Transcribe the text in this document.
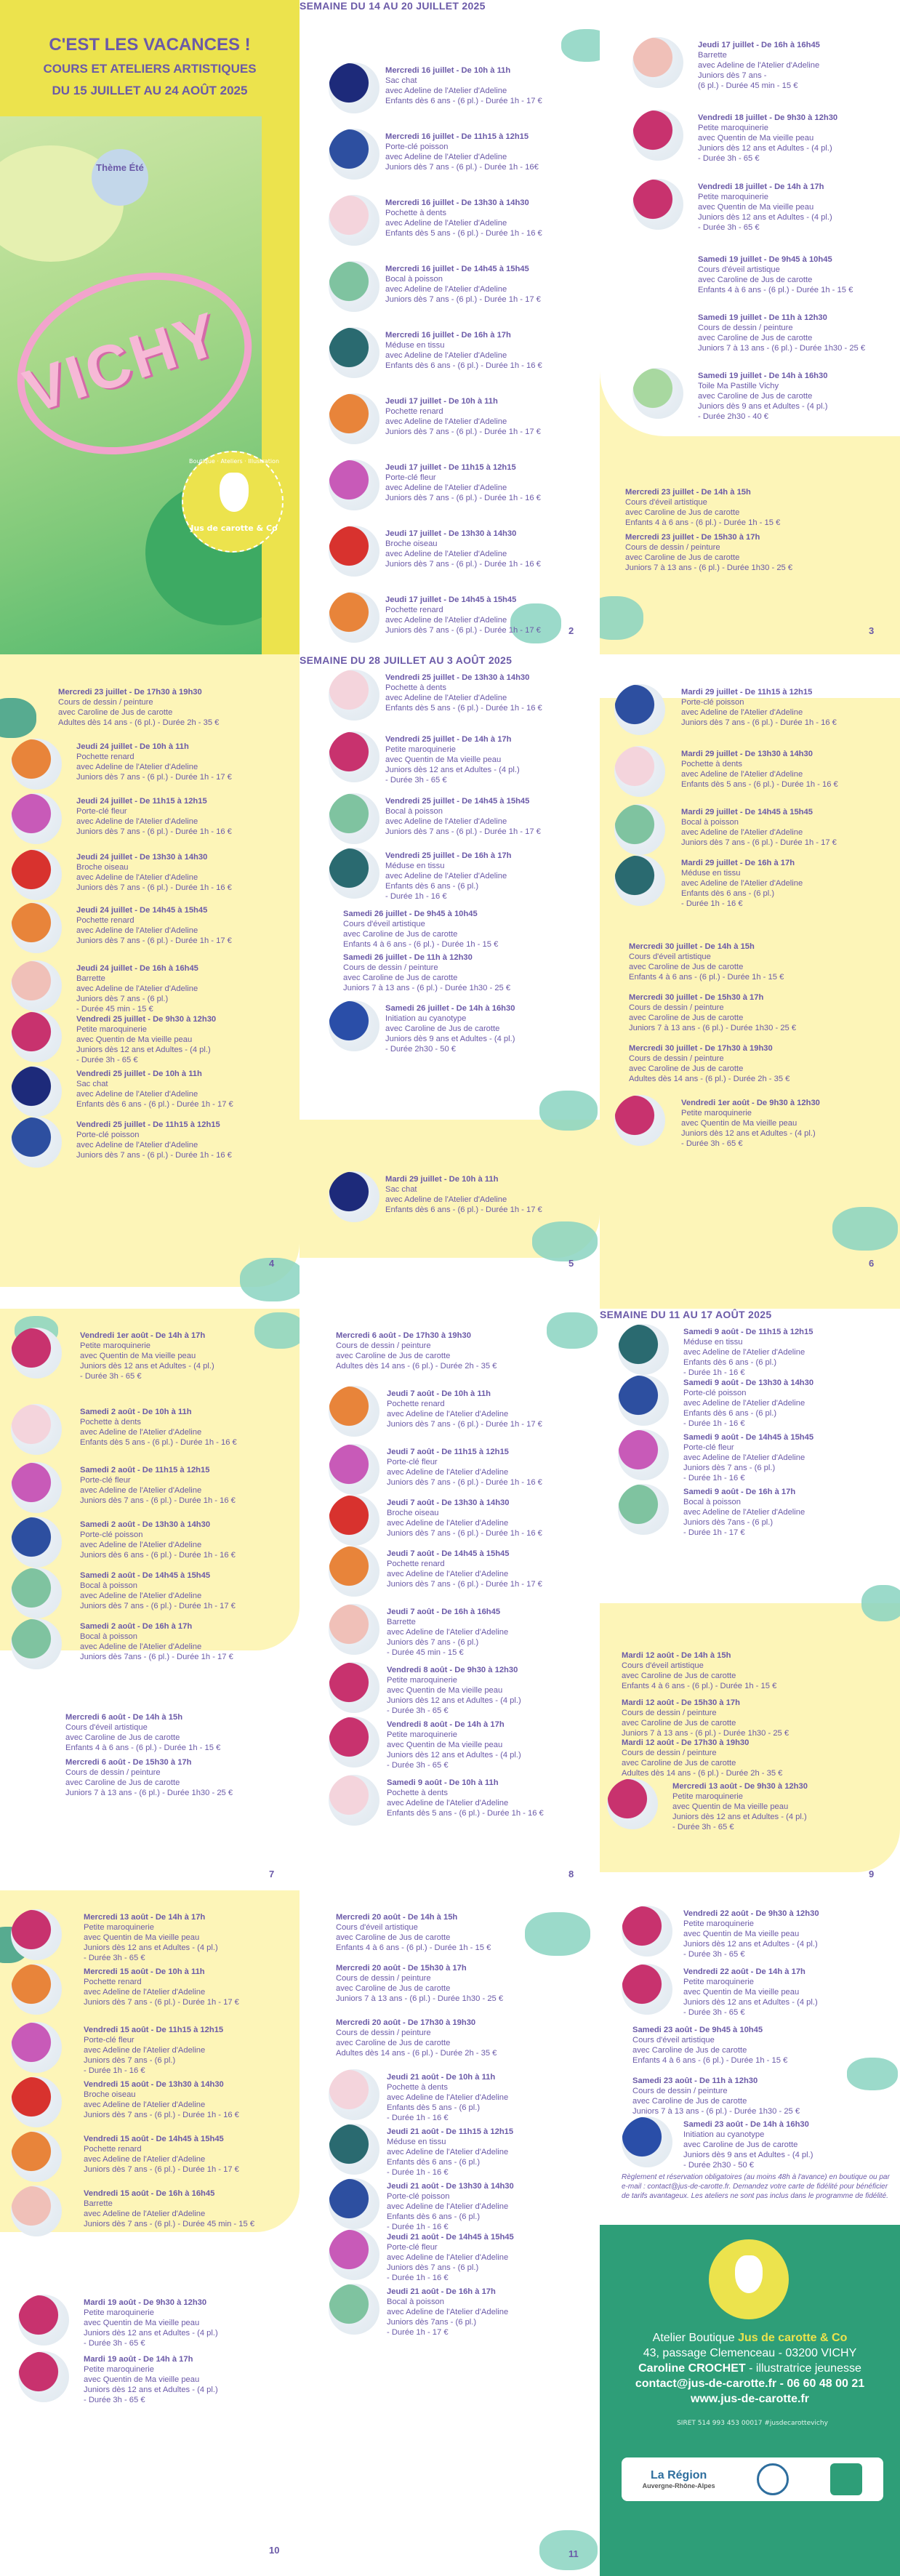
C'EST LES VACANCES !
COURS ET ATELIERS ARTISTIQUES
DU 15 JUILLET AU 24 AOÛT 2025
VICHY
Thème Été
Boutique · Ateliers · Illustration
Jus de carotte & Co
SEMAINE DU 14 AU 20 JUILLET 2025
Mercredi 16 juillet - De 10h à 11h
Sac chat
avec Adeline de l'Atelier d'Adeline
Enfants dès 6 ans - (6 pl.) - Durée 1h - 17 €
Mercredi 16 juillet - De 11h15 à 12h15
Porte-clé poisson
avec Adeline de l'Atelier d'Adeline
Juniors dès 7 ans - (6 pl.) - Durée 1h - 16€
Mercredi 16 juillet - De 13h30 à 14h30
Pochette à dents
avec Adeline de l'Atelier d'Adeline
Enfants dès 5 ans - (6 pl.) - Durée 1h - 16 €
Mercredi 16 juillet - De 14h45 à 15h45
Bocal à poisson
avec Adeline de l'Atelier d'Adeline
Juniors dès 7 ans - (6 pl.) - Durée 1h - 17 €
Mercredi 16 juillet - De 16h à 17h
Méduse en tissu
avec Adeline de l'Atelier d'Adeline
Enfants dès 6 ans - (6 pl.) - Durée 1h - 16 €
Jeudi 17 juillet - De 10h à 11h
Pochette renard
avec Adeline de l'Atelier d'Adeline
Juniors dès 7 ans - (6 pl.) - Durée 1h - 17 €
Jeudi 17 juillet - De 11h15 à 12h15
Porte-clé fleur
avec Adeline de l'Atelier d'Adeline
Juniors dès 7 ans - (6 pl.) - Durée 1h - 16 €
Jeudi 17 juillet - De 13h30 à 14h30
Broche oiseau
avec Adeline de l'Atelier d'Adeline
Juniors dès 7 ans - (6 pl.) - Durée 1h - 16 €
Jeudi 17 juillet - De 14h45 à 15h45
Pochette renard
avec Adeline de l'Atelier d'Adeline
Juniors dès 7 ans - (6 pl.) - Durée 1h - 17 €	2
Jeudi 17 juillet - De 16h à 16h45
Barrette
avec Adeline de l'Atelier d'Adeline
Juniors dès 7 ans -
(6 pl.) - Durée 45 min - 15 €
Vendredi 18 juillet - De 9h30 à 12h30
Petite maroquinerie
avec Quentin de Ma vieille peau
Juniors dès 12 ans et Adultes - (4 pl.)
- Durée 3h - 65 €
Vendredi 18 juillet - De 14h à 17h
Petite maroquinerie
avec Quentin de Ma vieille peau
Juniors dès 12 ans et Adultes - (4 pl.)
- Durée 3h - 65 €
Samedi 19 juillet - De 9h45 à 10h45
Cours d'éveil artistique
avec Caroline de Jus de carotte
Enfants 4 à 6 ans - (6 pl.) - Durée 1h - 15 €
Samedi 19 juillet - De 11h à 12h30
Cours de dessin / peinture
avec Caroline de Jus de carotte
Juniors 7 à 13 ans - (6 pl.) - Durée 1h30 - 25 €
Samedi 19 juillet - De 14h à 16h30
Toile Ma Pastille Vichy
avec Caroline de Jus de carotte
Juniors dès 9 ans et Adultes - (4 pl.)
- Durée 2h30 - 40 €
Mercredi 23 juillet - De 14h à 15h
Cours d'éveil artistique
avec Caroline de Jus de carotte
Enfants 4 à 6 ans - (6 pl.) - Durée 1h - 15 €
Mercredi 23 juillet - De 15h30 à 17h
Cours de dessin / peinture
avec Caroline de Jus de carotte
Juniors 7 à 13 ans - (6 pl.) - Durée 1h30 - 25 €
3
Mercredi 23 juillet - De 17h30 à 19h30
Cours de dessin / peinture
avec Caroline de Jus de carotte
Adultes dès 14 ans - (6 pl.) - Durée 2h - 35 €
Jeudi 24 juillet - De 10h à 11h
Pochette renard
avec Adeline de l'Atelier d'Adeline
Juniors dès 7 ans - (6 pl.) - Durée 1h - 17 €
Jeudi 24 juillet - De 11h15 à 12h15
Porte-clé fleur
avec Adeline de l'Atelier d'Adeline
Juniors dès 7 ans - (6 pl.) - Durée 1h - 16 €
Jeudi 24 juillet - De 13h30 à 14h30
Broche oiseau
avec Adeline de l'Atelier d'Adeline
Juniors dès 7 ans - (6 pl.) - Durée 1h - 16 €
Jeudi 24 juillet - De 14h45 à 15h45
Pochette renard
avec Adeline de l'Atelier d'Adeline
Juniors dès 7 ans - (6 pl.) - Durée 1h - 17 €
Jeudi 24 juillet - De 16h à 16h45
Barrette
avec Adeline de l'Atelier d'Adeline
Juniors dès 7 ans - (6 pl.)
- Durée 45 min - 15 €
Vendredi 25 juillet - De 9h30 à 12h30
Petite maroquinerie
avec Quentin de Ma vieille peau
Juniors dès 12 ans et Adultes - (4 pl.)
- Durée 3h - 65 €
Vendredi 25 juillet - De 10h à 11h
Sac chat
avec Adeline de l'Atelier d'Adeline
Enfants dès 6 ans - (6 pl.) - Durée 1h - 17 €
Vendredi 25 juillet - De 11h15 à 12h15
Porte-clé poisson
avec Adeline de l'Atelier d'Adeline
Juniors dès 7 ans - (6 pl.) - Durée 1h - 16 €
4
Vendredi 25 juillet - De 13h30 à 14h30
Pochette à dents
avec Adeline de l'Atelier d'Adeline
Enfants dès 5 ans - (6 pl.) - Durée 1h - 16 €
Vendredi 25 juillet - De 14h à 17h
Petite maroquinerie
avec Quentin de Ma vieille peau
Juniors dès 12 ans et Adultes - (4 pl.)
- Durée 3h - 65 €
Vendredi 25 juillet - De 14h45 à 15h45
Bocal à poisson
avec Adeline de l'Atelier d'Adeline
Juniors dès 7 ans - (6 pl.) - Durée 1h - 17 €
Vendredi 25 juillet - De 16h à 17h
Méduse en tissu
avec Adeline de l'Atelier d'Adeline
Enfants dès 6 ans - (6 pl.)
- Durée 1h - 16 €
Samedi 26 juillet - De 9h45 à 10h45
Cours d'éveil artistique
avec Caroline de Jus de carotte
Enfants 4 à 6 ans - (6 pl.) - Durée 1h - 15 €
Samedi 26 juillet - De 11h à 12h30
Cours de dessin / peinture
avec Caroline de Jus de carotte
Juniors 7 à 13 ans - (6 pl.) - Durée 1h30 - 25 €
Samedi 26 juillet - De 14h à 16h30
Initiation au cyanotype
avec Caroline de Jus de carotte
Juniors dès 9 ans et Adultes - (4 pl.)
- Durée 2h30 - 50 €
SEMAINE DU 28 JUILLET AU 3 AOÛT 2025
Mardi 29 juillet - De 10h à 11h
Sac chat
avec Adeline de l'Atelier d'Adeline
Enfants dès 6 ans - (6 pl.) - Durée 1h - 17 €
5
Mardi 29 juillet - De 11h15 à 12h15
Porte-clé poisson
avec Adeline de l'Atelier d'Adeline
Juniors dès 7 ans - (6 pl.) - Durée 1h - 16 €
Mardi 29 juillet - De 13h30 à 14h30
Pochette à dents
avec Adeline de l'Atelier d'Adeline
Enfants dès 5 ans - (6 pl.) - Durée 1h - 16 €
Mardi 29 juillet - De 14h45 à 15h45
Bocal à poisson
avec Adeline de l'Atelier d'Adeline
Juniors dès 7 ans - (6 pl.) - Durée 1h - 17 €
Mardi 29 juillet - De 16h à 17h
Méduse en tissu
avec Adeline de l'Atelier d'Adeline
Enfants dès 6 ans - (6 pl.)
- Durée 1h - 16 €
Mercredi 30 juillet - De 14h à 15h
Cours d'éveil artistique
avec Caroline de Jus de carotte
Enfants 4 à 6 ans - (6 pl.) - Durée 1h - 15 €
Mercredi 30 juillet - De 15h30 à 17h
Cours de dessin / peinture
avec Caroline de Jus de carotte
Juniors 7 à 13 ans - (6 pl.) - Durée 1h30 - 25 €
Mercredi 30 juillet - De 17h30 à 19h30
Cours de dessin / peinture
avec Caroline de Jus de carotte
Adultes dès 14 ans - (6 pl.) - Durée 2h - 35 €
Vendredi 1er août - De 9h30 à 12h30
Petite maroquinerie
avec Quentin de Ma vieille peau
Juniors dès 12 ans et Adultes - (4 pl.)
- Durée 3h - 65 €
6
Vendredi 1er août - De 14h à 17h
Petite maroquinerie
avec Quentin de Ma vieille peau
Juniors dès 12 ans et Adultes - (4 pl.)
- Durée 3h - 65 €
Samedi 2 août - De 10h à 11h
Pochette à dents
avec Adeline de l'Atelier d'Adeline
Enfants dès 5 ans - (6 pl.) - Durée 1h - 16 €
Samedi 2 août - De 11h15 à 12h15
Porte-clé fleur
avec Adeline de l'Atelier d'Adeline
Juniors dès 7 ans - (6 pl.) - Durée 1h - 16 €
Samedi 2 août - De 13h30 à 14h30
Porte-clé poisson
avec Adeline de l'Atelier d'Adeline
Juniors dès 6 ans - (6 pl.) - Durée 1h - 16 €
Samedi 2 août - De 14h45 à 15h45
Bocal à poisson
avec Adeline de l'Atelier d'Adeline
Juniors dès 7 ans - (6 pl.) - Durée 1h - 17 €
Samedi 2 août - De 16h à 17h
Bocal à poisson
avec Adeline de l'Atelier d'Adeline
Juniors dès 7ans - (6 pl.) - Durée 1h - 17 €
Mercredi 6 août - De 14h à 15h
Cours d'éveil artistique
avec Caroline de Jus de carotte
Enfants 4 à 6 ans - (6 pl.) - Durée 1h - 15 €
Mercredi 6 août - De 15h30 à 17h
Cours de dessin / peinture
avec Caroline de Jus de carotte
Juniors 7 à 13 ans - (6 pl.) - Durée 1h30 - 25 €
7
Mercredi 6 août - De 17h30 à 19h30
Cours de dessin / peinture
avec Caroline de Jus de carotte
Adultes dès 14 ans - (6 pl.) - Durée 2h - 35 €
Jeudi 7 août - De 10h à 11h
Pochette renard
avec Adeline de l'Atelier d'Adeline
Juniors dès 7 ans - (6 pl.) - Durée 1h - 17 €
Jeudi 7 août - De 11h15 à 12h15
Porte-clé fleur
avec Adeline de l'Atelier d'Adeline
Juniors dès 7 ans - (6 pl.) - Durée 1h - 16 €
Jeudi 7 août - De 13h30 à 14h30
Broche oiseau
avec Adeline de l'Atelier d'Adeline
Juniors dès 7 ans - (6 pl.) - Durée 1h - 16 €
Jeudi 7 août - De 14h45 à 15h45
Pochette renard
avec Adeline de l'Atelier d'Adeline
Juniors dès 7 ans - (6 pl.) - Durée 1h - 17 €
Jeudi 7 août - De 16h à 16h45
Barrette
avec Adeline de l'Atelier d'Adeline
Juniors dès 7 ans - (6 pl.)
- Durée 45 min - 15 €
Vendredi 8 août - De 9h30 à 12h30
Petite maroquinerie
avec Quentin de Ma vieille peau
Juniors dès 12 ans et Adultes - (4 pl.)
- Durée 3h - 65 €
Vendredi 8 août - De 14h à 17h
Petite maroquinerie
avec Quentin de Ma vieille peau
Juniors dès 12 ans et Adultes - (4 pl.)
- Durée 3h - 65 €
Samedi 9 août - De 10h à 11h
Pochette à dents
avec Adeline de l'Atelier d'Adeline
Enfants dès 5 ans - (6 pl.) - Durée 1h - 16 €
8
Samedi 9 août - De 11h15 à 12h15
Méduse en tissu
avec Adeline de l'Atelier d'Adeline
Enfants dès 6 ans - (6 pl.)
- Durée 1h - 16 €
Samedi 9 août - De 13h30 à 14h30
Porte-clé poisson
avec Adeline de l'Atelier d'Adeline
Enfants dès 6 ans - (6 pl.)
- Durée 1h - 16 €
Samedi 9 août - De 14h45 à 15h45
Porte-clé fleur
avec Adeline de l'Atelier d'Adeline
Juniors dès 7 ans - (6 pl.)
- Durée 1h - 16 €
Samedi 9 août - De 16h à 17h
Bocal à poisson
avec Adeline de l'Atelier d'Adeline
Juniors dès 7ans - (6 pl.)
- Durée 1h - 17 €
SEMAINE DU 11 AU 17 AOÛT 2025
Mardi 12 août - De 14h à 15h
Cours d'éveil artistique
avec Caroline de Jus de carotte
Enfants 4 à 6 ans - (6 pl.) - Durée 1h - 15 €
Mardi 12 août - De 15h30 à 17h
Cours de dessin / peinture
avec Caroline de Jus de carotte
Juniors 7 à 13 ans - (6 pl.) - Durée 1h30 - 25 €
Mardi 12 août - De 17h30 à 19h30
Cours de dessin / peinture
avec Caroline de Jus de carotte
Adultes dès 14 ans - (6 pl.) - Durée 2h - 35 €
Mercredi 13 août - De 9h30 à 12h30
Petite maroquinerie
avec Quentin de Ma vieille peau
Juniors dès 12 ans et Adultes - (4 pl.)
- Durée 3h - 65 €
9
Mercredi 13 août - De 14h à 17h
Petite maroquinerie
avec Quentin de Ma vieille peau
Juniors dès 12 ans et Adultes - (4 pl.)
- Durée 3h - 65 €
Mercredi 15 août - De 10h à 11h
Pochette renard
avec Adeline de l'Atelier d'Adeline
Juniors dès 7 ans - (6 pl.) - Durée 1h - 17 €
Vendredi 15 août - De 11h15 à 12h15
Porte-clé fleur
avec Adeline de l'Atelier d'Adeline
Juniors dès 7 ans - (6 pl.)
- Durée 1h - 16 €
Vendredi 15 août - De 13h30 à 14h30
Broche oiseau
avec Adeline de l'Atelier d'Adeline
Juniors dès 7 ans - (6 pl.) - Durée 1h - 16 €
Vendredi 15 août - De 14h45 à 15h45
Pochette renard
avec Adeline de l'Atelier d'Adeline
Juniors dès 7 ans - (6 pl.) - Durée 1h - 17 €
Vendredi 15 août - De 16h à 16h45
Barrette
avec Adeline de l'Atelier d'Adeline
Juniors dès 7 ans - (6 pl.) - Durée 45 min - 15 €
Mardi 19 août - De 9h30 à 12h30
Petite maroquinerie
avec Quentin de Ma vieille peau
Juniors dès 12 ans et Adultes - (4 pl.)
- Durée 3h - 65 €
Mardi 19 août - De 14h à 17h
Petite maroquinerie
avec Quentin de Ma vieille peau
Juniors dès 12 ans et Adultes - (4 pl.)
- Durée 3h - 65 €
10
Mercredi 20 août - De 14h à 15h
Cours d'éveil artistique
avec Caroline de Jus de carotte
Enfants 4 à 6 ans - (6 pl.) - Durée 1h - 15 €
Mercredi 20 août - De 15h30 à 17h
Cours de dessin / peinture
avec Caroline de Jus de carotte
Juniors 7 à 13 ans - (6 pl.) - Durée 1h30 - 25 €
Mercredi 20 août - De 17h30 à 19h30
Cours de dessin / peinture
avec Caroline de Jus de carotte
Adultes dès 14 ans - (6 pl.) - Durée 2h - 35 €
Jeudi 21 août - De 10h à 11h
Pochette à dents
avec Adeline de l'Atelier d'Adeline
Enfants dès 5 ans - (6 pl.)
- Durée 1h - 16 €
Jeudi 21 août - De 11h15 à 12h15
Méduse en tissu
avec Adeline de l'Atelier d'Adeline
Enfants dès 6 ans - (6 pl.)
- Durée 1h - 16 €
Jeudi 21 août - De 13h30 à 14h30
Porte-clé poisson
avec Adeline de l'Atelier d'Adeline
Enfants dès 6 ans - (6 pl.)
- Durée 1h - 16 €
Jeudi 21 août - De 14h45 à 15h45
Porte-clé fleur
avec Adeline de l'Atelier d'Adeline
Juniors dès 7 ans - (6 pl.)
- Durée 1h - 16 €
Jeudi 21 août - De 16h à 17h
Bocal à poisson
avec Adeline de l'Atelier d'Adeline
Juniors dès 7ans - (6 pl.)
- Durée 1h - 17 €
11
Vendredi 22 août - De 9h30 à 12h30
Petite maroquinerie
avec Quentin de Ma vieille peau
Juniors dès 12 ans et Adultes - (4 pl.)
- Durée 3h - 65 €
Vendredi 22 août - De 14h à 17h
Petite maroquinerie
avec Quentin de Ma vieille peau
Juniors dès 12 ans et Adultes - (4 pl.)
- Durée 3h - 65 €
Samedi 23 août - De 9h45 à 10h45
Cours d'éveil artistique
avec Caroline de Jus de carotte
Enfants 4 à 6 ans - (6 pl.) - Durée 1h - 15 €
Samedi 23 août - De 11h à 12h30
Cours de dessin / peinture
avec Caroline de Jus de carotte
Juniors 7 à 13 ans - (6 pl.) - Durée 1h30 - 25 €
Samedi 23 août - De 14h à 16h30
Initiation au cyanotype
avec Caroline de Jus de carotte
Juniors dès 9 ans et Adultes - (4 pl.)
- Durée 2h30 - 50 €
Règlement et réservation obligatoires (au moins 48h à l'avance) en boutique ou par e-mail : contact@jus-de-carotte.fr. Demandez votre carte de fidélité pour bénéficier de tarifs avantageux. Les ateliers ne sont pas inclus dans le programme de fidélité.
Atelier Boutique Jus de carotte & Co
43, passage Clemenceau - 03200 VICHY
Caroline CROCHET - illustratrice jeunesse
contact@jus-de-carotte.fr - 06 60 48 00 21
www.jus-de-carotte.fr
SIRET 514 993 453 00017 #jusdecarottevichy
La Région
Auvergne-Rhône-Alpes
